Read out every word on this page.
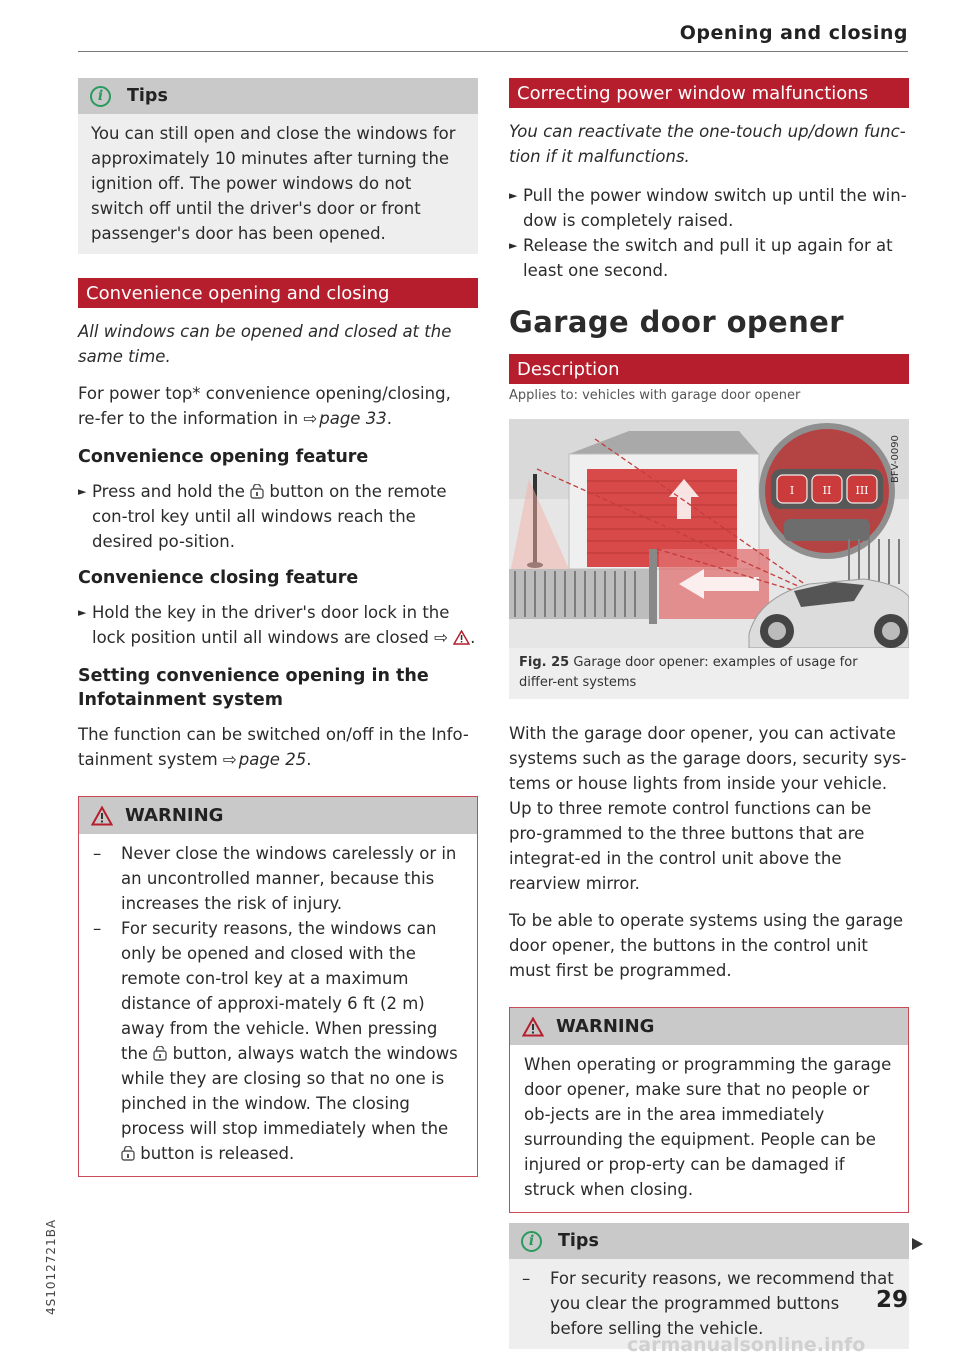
Opening and closing
i	Tips

You can still open and close the windows for approximately 10 minutes after turning the ignition off. The power windows do not switch off until the driver's door or front passenger's door has been opened.

Convenience opening and closing

All windows can be opened and closed at the same time.

For power top* convenience opening/closing, re-fer to the information in ⇨ page 33.

Convenience opening feature

► Press and hold the button on the remote con-trol key until all windows reach the desired po-sition.

Convenience closing feature

► Hold the key in the driver's door lock in the lock position until all windows are closed ⇨ .

Setting convenience opening in the Infotainment system

The function can be switched on/off in the Info-tainment system ⇨ page 25.

WARNING
– Never close the windows carelessly or in an uncontrolled manner, because this increases the risk of injury.
– For security reasons, the windows can only be opened and closed with the remote con-trol key at a maximum distance of approxi-mately 6 ft (2 m) away from the vehicle. When pressing the button, always watch the windows while they are closing so that no one is pinched in the window. The closing process will stop immediately when the  button is released.
Correcting power window malfunctions

You can reactivate the one-touch up/down func-tion if it malfunctions.

► Pull the power window switch up until the win-dow is completely raised.
► Release the switch and pull it up again for at least one second.
Garage door opener
Description
Applies to: vehicles with garage door opener
I	II III
BFV-0090
Fig. 25 Garage door opener: examples of usage for differ-ent systems

With the garage door opener, you can activate systems such as the garage doors, security sys-tems or house lights from inside your vehicle. Up to three remote control functions can be pro-grammed to the three buttons that are integrat-ed in the control unit above the rearview mirror.

To be able to operate systems using the garage door opener, the buttons in the control unit must first be programmed.

WARNING

When operating or programming the garage door opener, make sure that no people or ob-jects are in the area immediately surrounding the equipment. People can be injured or prop-erty can be damaged if struck when closing.

i	Tips
– For security reasons, we recommend that you clear the programmed buttons before selling the vehicle.
4S1012721BA	29
carmanualsonline.info
